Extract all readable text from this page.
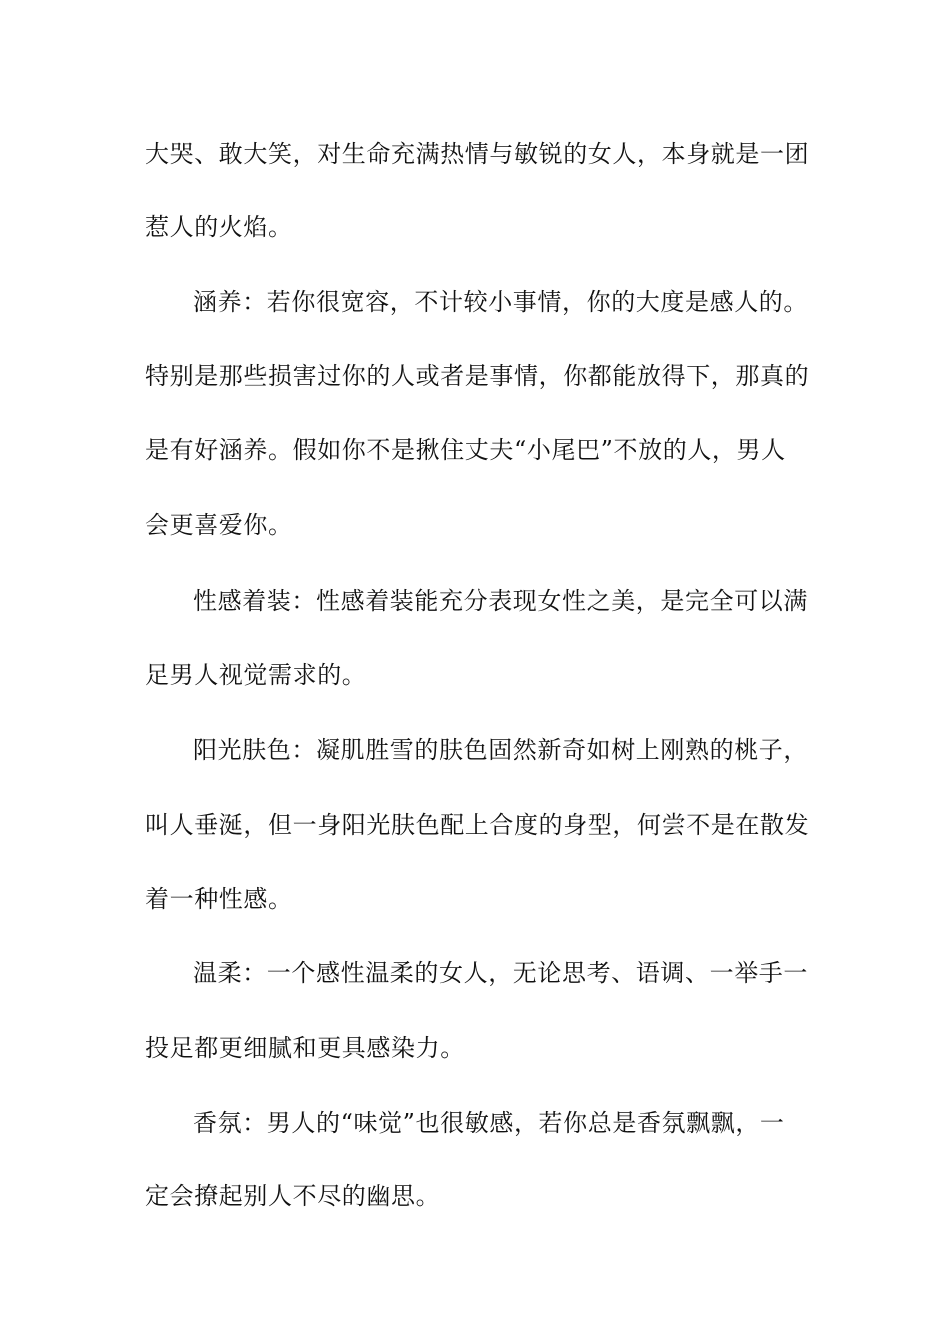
大哭、敢大笑，对生命充满热情与敏锐的女人，本身就是一团
惹人的火焰。
涵养：若你很宽容，不计较小事情，你的大度是感人的。
特别是那些损害过你的人或者是事情，你都能放得下，那真的
是有好涵养。假如你不是揪住丈夫“小尾巴”不放的人，男人
会更喜爱你。
性感着装：性感着装能充分表现女性之美，是完全可以满
足男人视觉需求的。
阳光肤色：凝肌胜雪的肤色固然新奇如树上刚熟的桃子，
叫人垂涎，但一身阳光肤色配上合度的身型，何尝不是在散发
着一种性感。
温柔：一个感性温柔的女人，无论思考、语调、一举手一
投足都更细腻和更具感染力。
香氛：男人的“味觉”也很敏感，若你总是香氛飘飘，一
定会撩起别人不尽的幽思。
